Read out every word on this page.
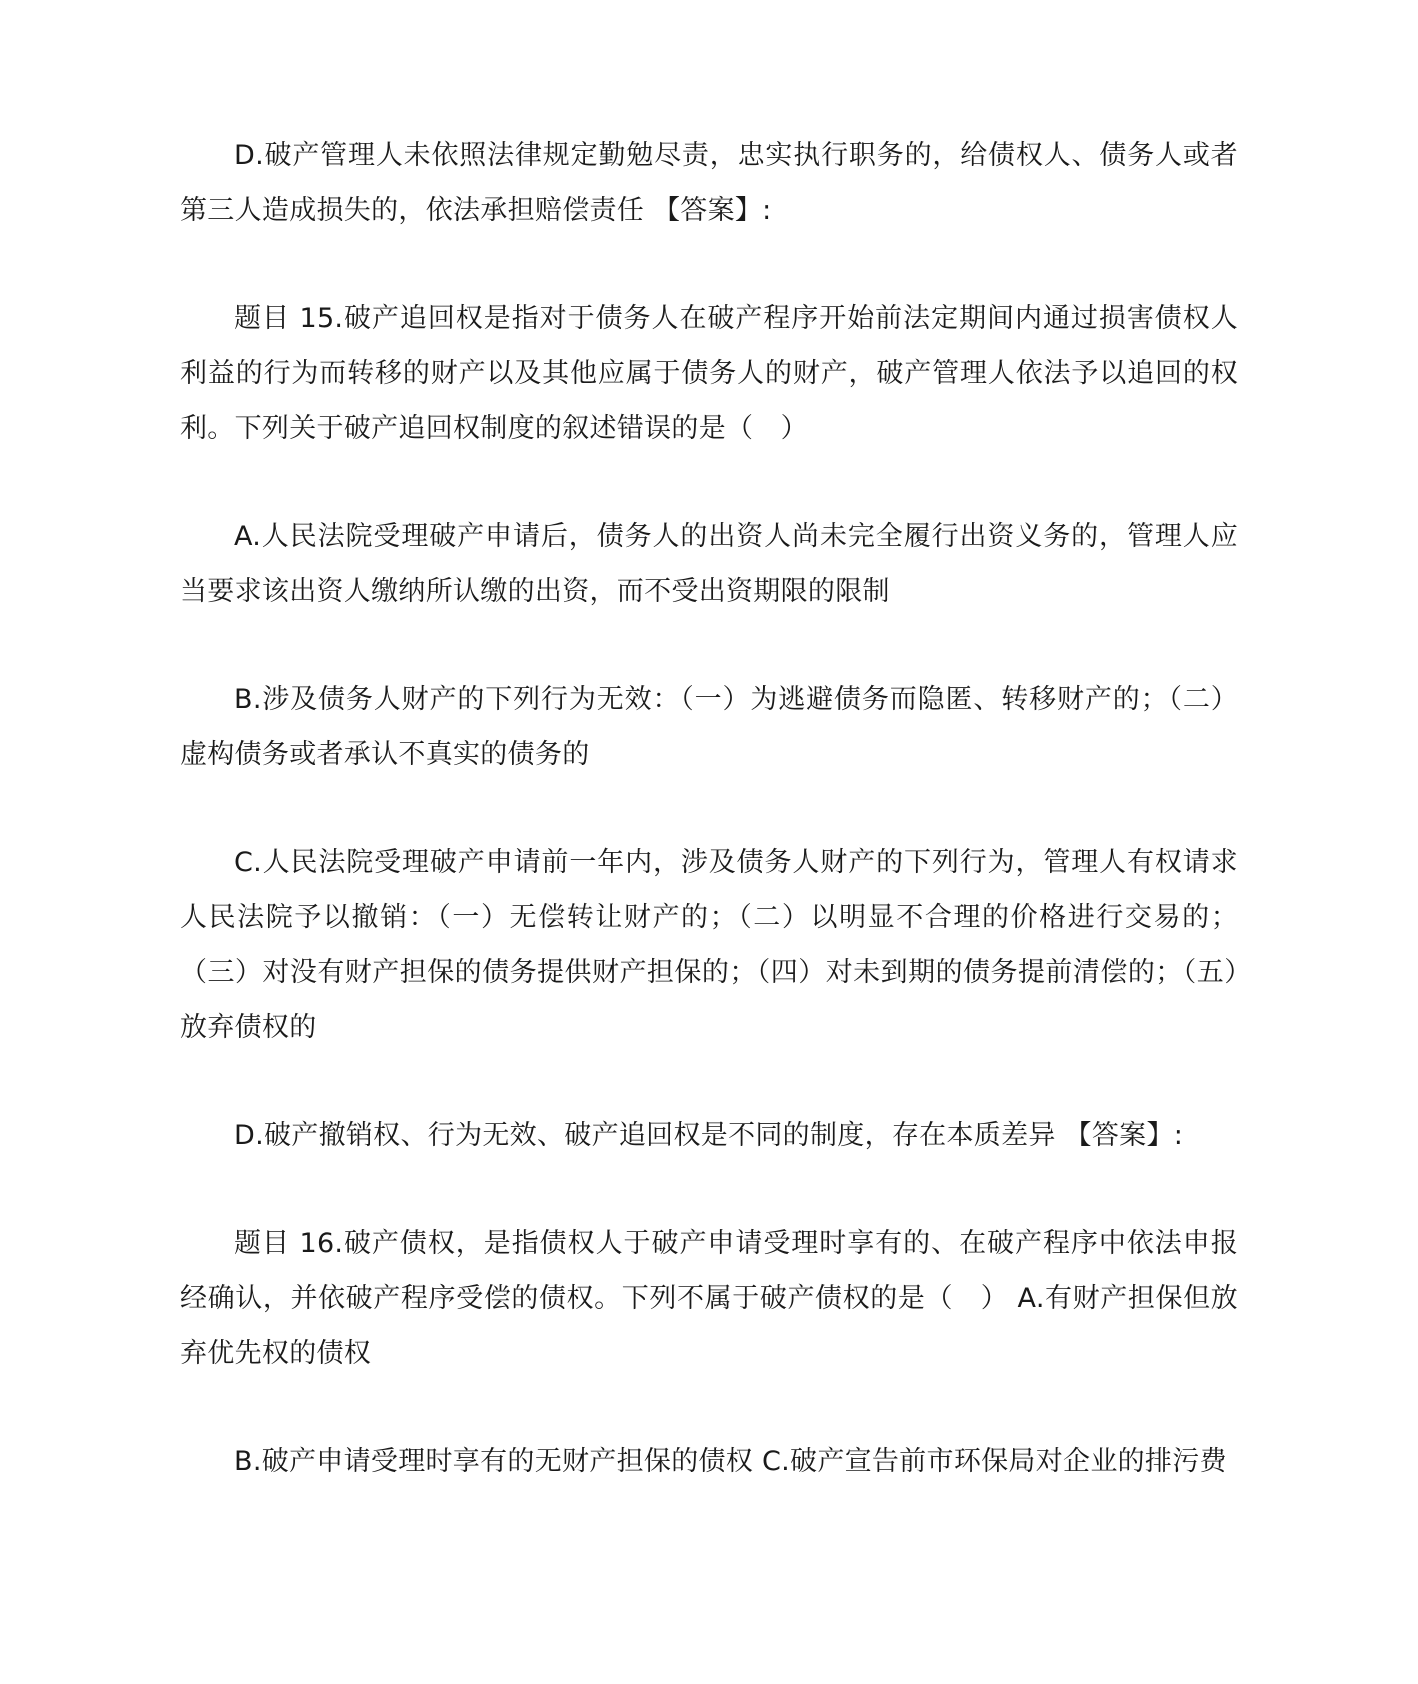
D.破产管理人未依照法律规定勤勉尽责，忠实执行职务的，给债权人、债务人或者第三人造成损失的，依法承担赔偿责任 【答案】:

题目 15.破产追回权是指对于债务人在破产程序开始前法定期间内通过损害债权人利益的行为而转移的财产以及其他应属于债务人的财产，破产管理人依法予以追回的权利。下列关于破产追回权制度的叙述错误的是（　）

A.人民法院受理破产申请后，债务人的出资人尚未完全履行出资义务的，管理人应当要求该出资人缴纳所认缴的出资，而不受出资期限的限制

B.涉及债务人财产的下列行为无效：（一）为逃避债务而隐匿、转移财产的；（二）虚构债务或者承认不真实的债务的

C.人民法院受理破产申请前一年内，涉及债务人财产的下列行为，管理人有权请求人民法院予以撤销：（一）无偿转让财产的；（二）以明显不合理的价格进行交易的；（三）对没有财产担保的债务提供财产担保的；（四）对未到期的债务提前清偿的；（五）放弃债权的

D.破产撤销权、行为无效、破产追回权是不同的制度，存在本质差异 【答案】:

题目 16.破产债权，是指债权人于破产申请受理时享有的、在破产程序中依法申报经确认，并依破产程序受偿的债权。下列不属于破产债权的是（　） A.有财产担保但放弃优先权的债权

B.破产申请受理时享有的无财产担保的债权 C.破产宣告前市环保局对企业的排污费
